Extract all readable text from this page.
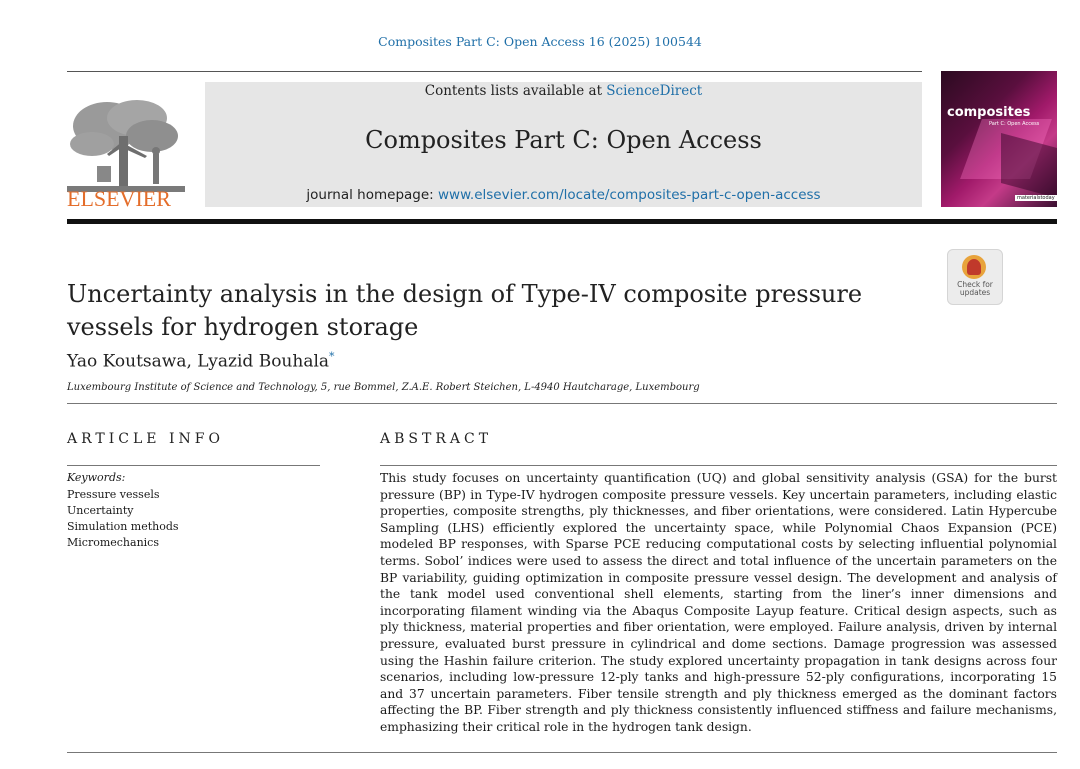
Composites Part C: Open Access 16 (2025) 100544
ELSEVIER
Contents lists available at ScienceDirect
Composites Part C: Open Access
journal homepage: www.elsevier.com/locate/composites-part-c-open-access
composites
Part C: Open Access
materialstoday
Check for
updates
Uncertainty analysis in the design of Type-IV composite pressure vessels for hydrogen storage
Yao Koutsawa, Lyazid Bouhala*
Luxembourg Institute of Science and Technology, 5, rue Bommel, Z.A.E. Robert Steichen, L-4940 Hautcharage, Luxembourg
ARTICLE INFO
Keywords:
Pressure vessels
Uncertainty
Simulation methods
Micromechanics
ABSTRACT
This study focuses on uncertainty quantification (UQ) and global sensitivity analysis (GSA) for the burst pressure (BP) in Type-IV hydrogen composite pressure vessels. Key uncertain parameters, including elastic properties, composite strengths, ply thicknesses, and fiber orientations, were considered. Latin Hypercube Sampling (LHS) efficiently explored the uncertainty space, while Polynomial Chaos Expansion (PCE) modeled BP responses, with Sparse PCE reducing computational costs by selecting influential polynomial terms. Sobol’ indices were used to assess the direct and total influence of the uncertain parameters on the BP variability, guiding optimization in composite pressure vessel design. The development and analysis of the tank model used conventional shell elements, starting from the liner’s inner dimensions and incorporating filament winding via the Abaqus Composite Layup feature. Critical design aspects, such as ply thickness, material properties and fiber orientation, were employed. Failure analysis, driven by internal pressure, evaluated burst pressure in cylindrical and dome sections. Damage progression was assessed using the Hashin failure criterion. The study explored uncertainty propagation in tank designs across four scenarios, including low-pressure 12-ply tanks and high-pressure 52-ply configurations, incorporating 15 and 37 uncertain parameters. Fiber tensile strength and ply thickness emerged as the dominant factors affecting the BP. Fiber strength and ply thickness consistently influenced stiffness and failure mechanisms, emphasizing their critical role in the hydrogen tank design.
